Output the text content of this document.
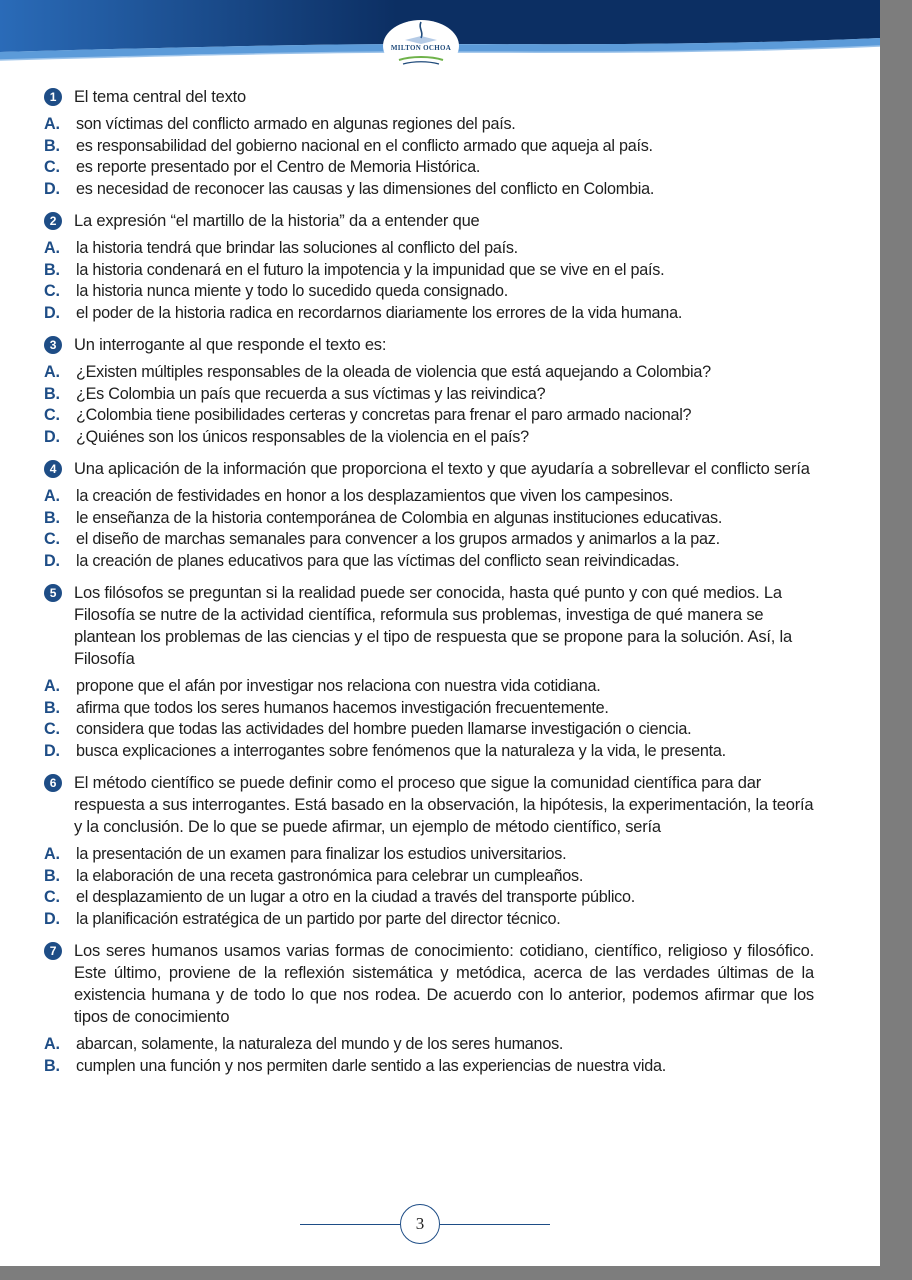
MILTON OCHOA
1	El tema central del texto
A.	son víctimas del conflicto armado en algunas regiones del país.
B.	es responsabilidad del gobierno nacional en el conflicto armado que aqueja al país.
C.	es reporte presentado por el Centro de Memoria Histórica.
D.	es necesidad de reconocer las causas y las dimensiones del conflicto en Colombia.
2	La expresión “el martillo de la historia” da a entender que
A.	la historia tendrá que brindar las soluciones al conflicto del país.
B.	la historia condenará en el futuro la impotencia y la impunidad que se vive en el país.
C.	la historia nunca miente y todo lo sucedido queda consignado.
D.	el poder de la historia radica en recordarnos diariamente los errores de la vida humana.
3	Un interrogante al que responde el texto es:
A.	¿Existen múltiples responsables de la oleada de violencia que está aquejando a Colombia?
B.	¿Es Colombia un país que recuerda a sus víctimas y las reivindica?
C.	¿Colombia tiene posibilidades certeras y concretas para frenar el paro armado nacional?
D.	¿Quiénes son los únicos responsables de la violencia en el país?
4	Una aplicación de la información que proporciona el texto y que ayudaría a sobrellevar el conflicto sería
A.	la creación de festividades en honor a los desplazamientos que viven los campesinos.
B.	le enseñanza de la historia contemporánea de Colombia en algunas instituciones educativas.
C.	el diseño de marchas semanales para convencer a los grupos armados y animarlos a la paz.
D.	la creación de planes educativos para que las víctimas del conflicto sean reivindicadas.
5	Los filósofos se preguntan si la realidad puede ser conocida, hasta qué punto y con qué medios. La Filosofía se nutre de la actividad científica, reformula sus problemas, investiga de qué manera se plantean los problemas de las ciencias y el tipo de respuesta que se propone para la solución. Así, la Filosofía
A.	propone que el afán por investigar nos relaciona con nuestra vida cotidiana.
B.	afirma que todos los seres humanos hacemos investigación frecuentemente.
C.	considera que todas las actividades del hombre pueden llamarse investigación o ciencia.
D.	busca explicaciones a interrogantes sobre fenómenos que la naturaleza y la vida, le presenta.
6	El método científico se puede definir como el proceso que sigue la comunidad científica para dar respuesta a sus interrogantes. Está basado en la observación, la hipótesis, la experimentación, la teoría y la conclusión. De lo que se puede afirmar, un ejemplo de método científico, sería
A.	la presentación de un examen para finalizar los estudios universitarios.
B.	la elaboración de una receta gastronómica para celebrar un cumpleaños.
C.	el desplazamiento de un lugar a otro en la ciudad a través del transporte público.
D.	la planificación estratégica de un partido por parte del director técnico.
7	Los seres humanos usamos varias formas de conocimiento: cotidiano, científico, religioso y filosófico. Este último, proviene de la reflexión sistemática y metódica, acerca de las verdades últimas de la existencia humana y de todo lo que nos rodea. De acuerdo con lo anterior, podemos afirmar que los tipos de conocimiento
A.	abarcan, solamente, la naturaleza del mundo y de los seres humanos.
B.	cumplen una función y nos permiten darle sentido a las experiencias de nuestra vida.
3
